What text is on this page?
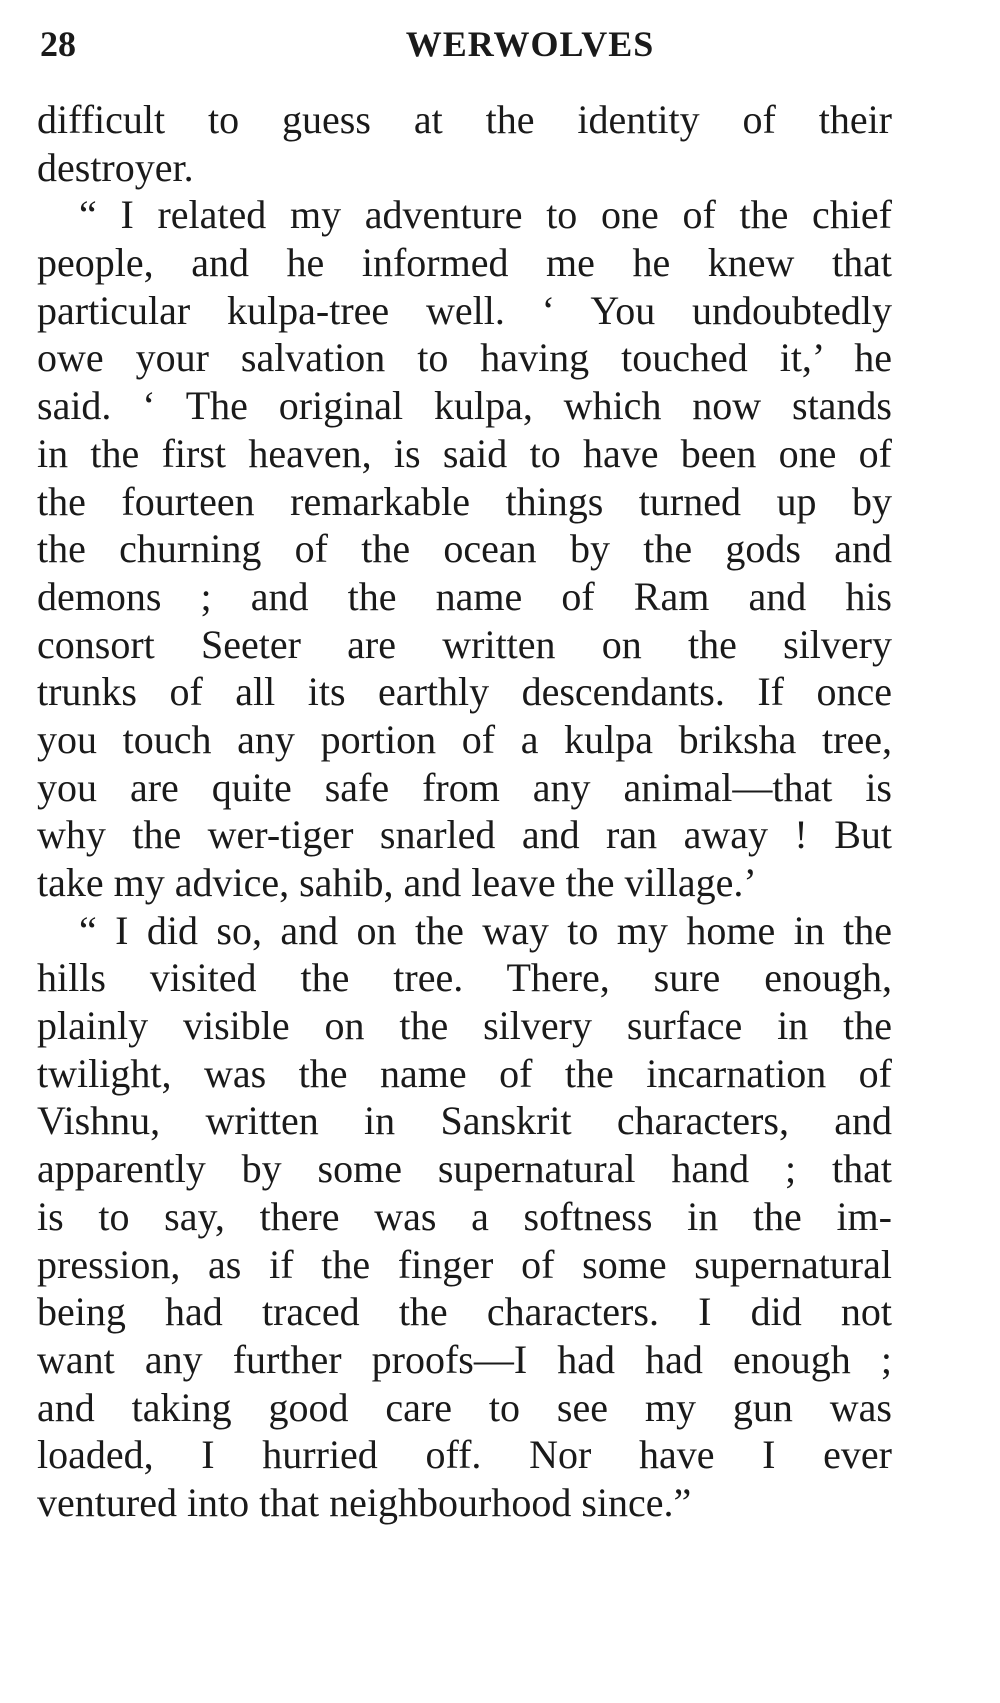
28	WERWOLVES
difficult to guess at the identity of their
destroyer.
“ I related my adventure to one of the chief
people, and he informed me he knew that
particular kulpa-tree well. ‘ You undoubtedly
owe your salvation to having touched it,’ he
said. ‘ The original kulpa, which now stands
in the first heaven, is said to have been one of
the fourteen remarkable things turned up by
the churning of the ocean by the gods and
demons ; and the name of Ram and his
consort Seeter are written on the silvery
trunks of all its earthly descendants. If once
you touch any portion of a kulpa briksha tree,
you are quite safe from any animal—that is
why the wer-tiger snarled and ran away ! But
take my advice, sahib, and leave the village.’
“ I did so, and on the way to my home in the
hills visited the tree. There, sure enough,
plainly visible on the silvery surface in the
twilight, was the name of the incarnation of
Vishnu, written in Sanskrit characters, and
apparently by some supernatural hand ; that
is to say, there was a softness in the im-
pression, as if the finger of some supernatural
being had traced the characters. I did not
want any further proofs—I had had enough ;
and taking good care to see my gun was
loaded, I hurried off. Nor have I ever
ventured into that neighbourhood since.”
